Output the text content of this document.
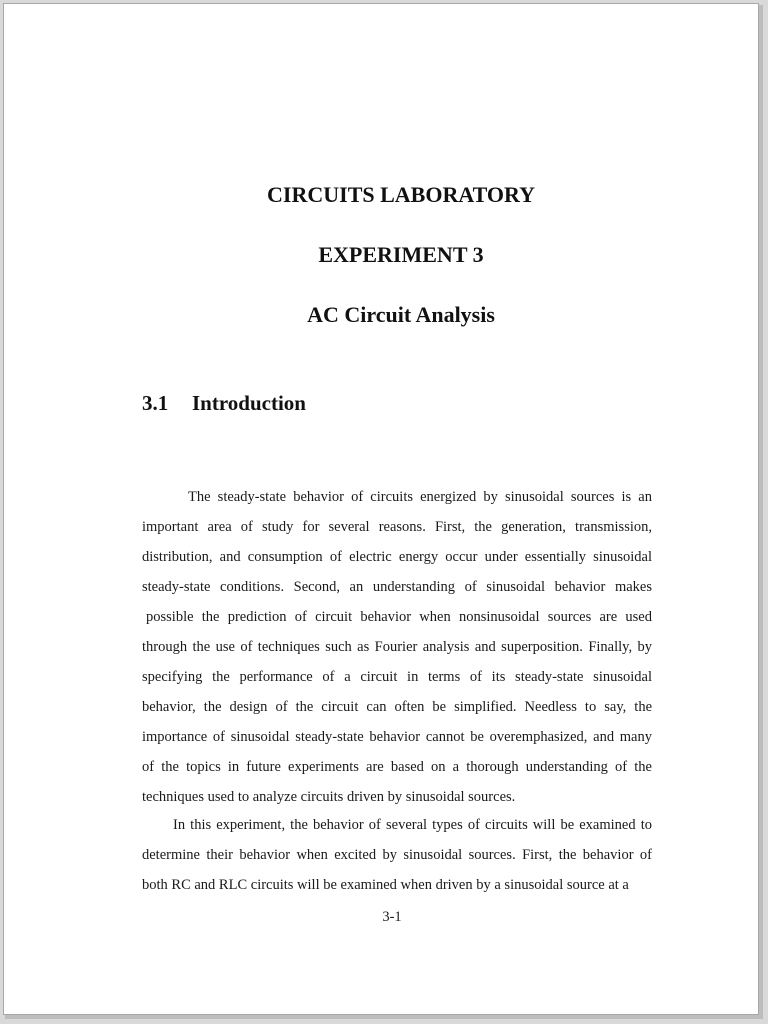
CIRCUITS LABORATORY
EXPERIMENT 3
AC Circuit Analysis
3.1 Introduction
The steady-state behavior of circuits energized by sinusoidal sources is an
important area of study for several reasons. First, the generation, transmission,
distribution, and consumption of electric energy occur under essentially sinusoidal
steady-state conditions. Second, an understanding of sinusoidal behavior makes
possible the prediction of circuit behavior when nonsinusoidal sources are used
through the use of techniques such as Fourier analysis and superposition. Finally, by
specifying the performance of a circuit in terms of its steady-state sinusoidal
behavior, the design of the circuit can often be simplified. Needless to say, the
importance of sinusoidal steady-state behavior cannot be overemphasized, and many
of the topics in future experiments are based on a thorough understanding of the
techniques used to analyze circuits driven by sinusoidal sources.
In this experiment, the behavior of several types of circuits will be examined to
determine their behavior when excited by sinusoidal sources. First, the behavior of
both RC and RLC circuits will be examined when driven by a sinusoidal source at a
3-1
